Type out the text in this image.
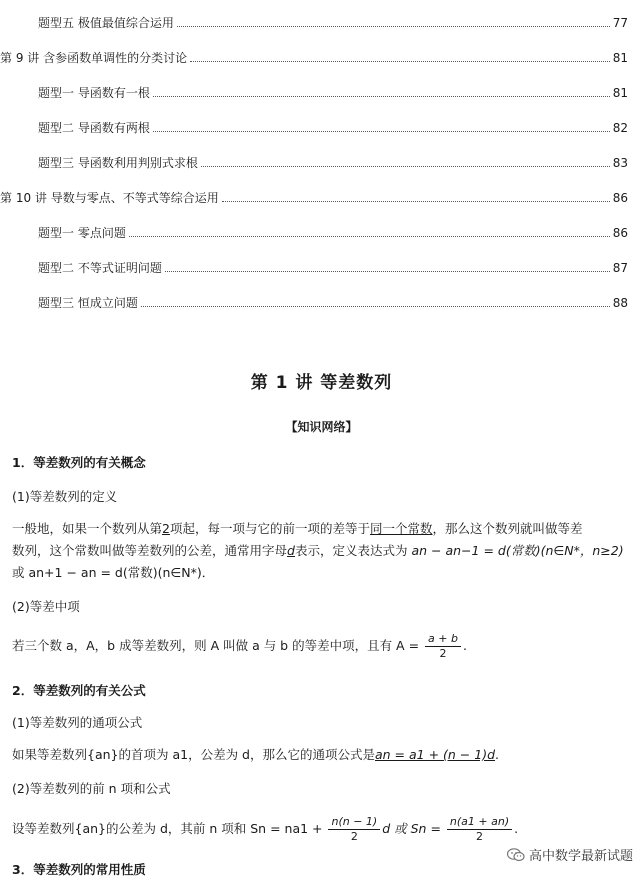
题型五 极值最值综合运用	77
第 9 讲 含参函数单调性的分类讨论	81
题型一 导函数有一根	81
题型二 导函数有两根	82
题型三 导函数利用判别式求根	83
第 10 讲 导数与零点、不等式等综合运用	86
题型一 零点问题	86
题型二 不等式证明问题	87
题型三 恒成立问题	88
第 1 讲 等差数列
【知识网络】
1．等差数列的有关概念
(1)等差数列的定义
一般地，如果一个数列从第2项起，每一项与它的前一项的差等于同一个常数，那么这个数列就叫做等差
数列，这个常数叫做等差数列的公差，通常用字母d表示，定义表达式为 an − an−1 = d(常数)(n∈N*，n≥2)
或 an+1 − an = d(常数)(n∈N*)．
(2)等差中项
若三个数 a，A，b 成等差数列，则 A 叫做 a 与 b 的等差中项，且有 $A = \frac{a + b}{2}$ .
2．等差数列的有关公式
(1)等差数列的通项公式
如果等差数列{an}的首项为 a1，公差为 d，那么它的通项公式是an = a1 + (n − 1)d.
(2)等差数列的前 n 项和公式
设等差数列{an}的公差为 d，其前 n 项和 $Sn = na1 + \frac{n(n - 1)}{2}$ d 或 $Sn = \frac{n(a1 + an)}{2}$ .
3．等差数列的常用性质
高中数学最新试题
